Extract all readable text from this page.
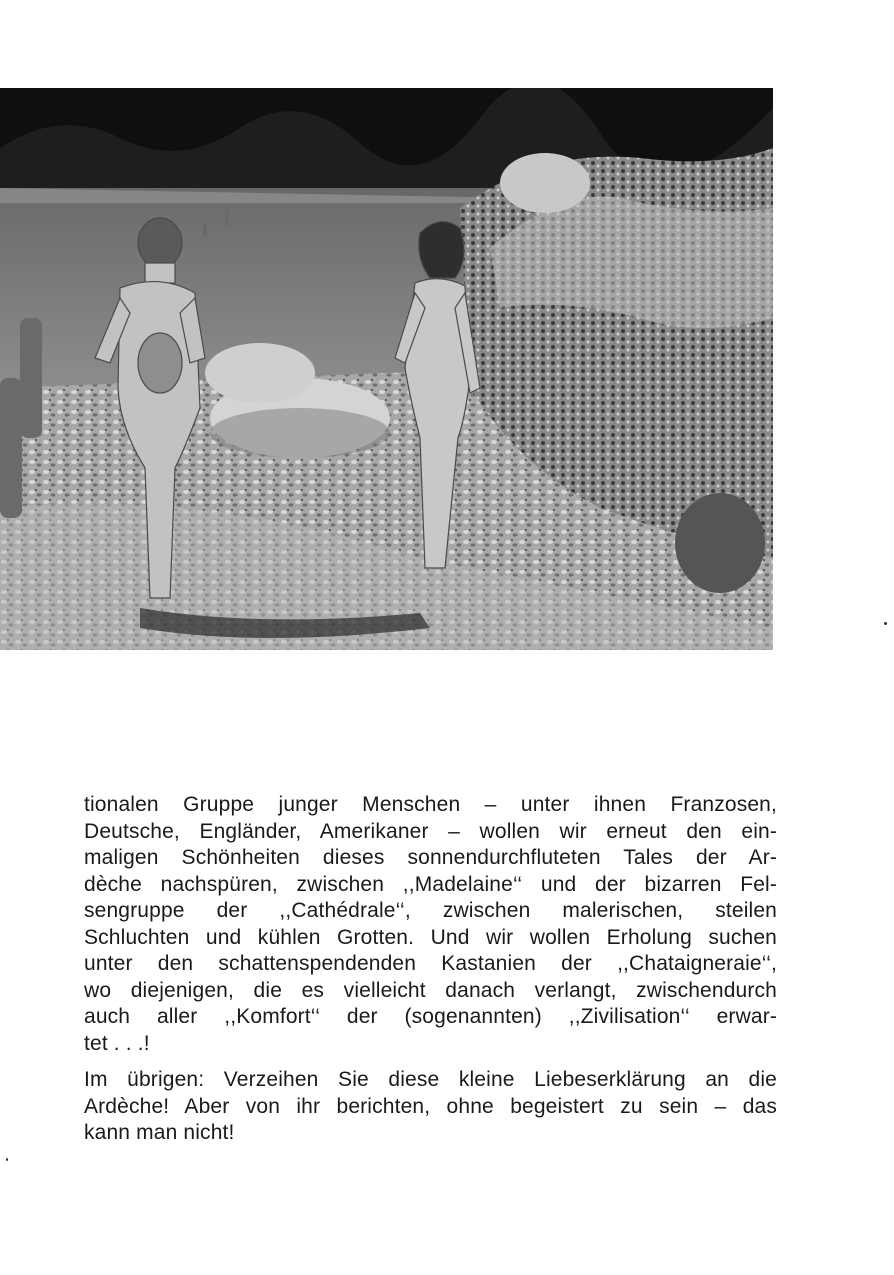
tionalen Gruppe junger Menschen – unter ihnen Franzosen,
Deutsche, Engländer, Amerikaner – wollen wir erneut den ein-
maligen Schönheiten dieses sonnendurchfluteten Tales der Ar-
dèche nachspüren, zwischen ,,Madelaine‘‘ und der bizarren Fel-
sengruppe der ,,Cathédrale‘‘, zwischen malerischen, steilen
Schluchten und kühlen Grotten. Und wir wollen Erholung suchen
unter den schattenspendenden Kastanien der ,,Chataigneraie‘‘,
wo diejenigen, die es vielleicht danach verlangt, zwischendurch
auch aller ,,Komfort‘‘ der (sogenannten) ,,Zivilisation‘‘ erwar-
tet . . .!

Im übrigen: Verzeihen Sie diese kleine Liebeserklärung an die
Ardèche! Aber von ihr berichten, ohne begeistert zu sein – das
kann man nicht!
